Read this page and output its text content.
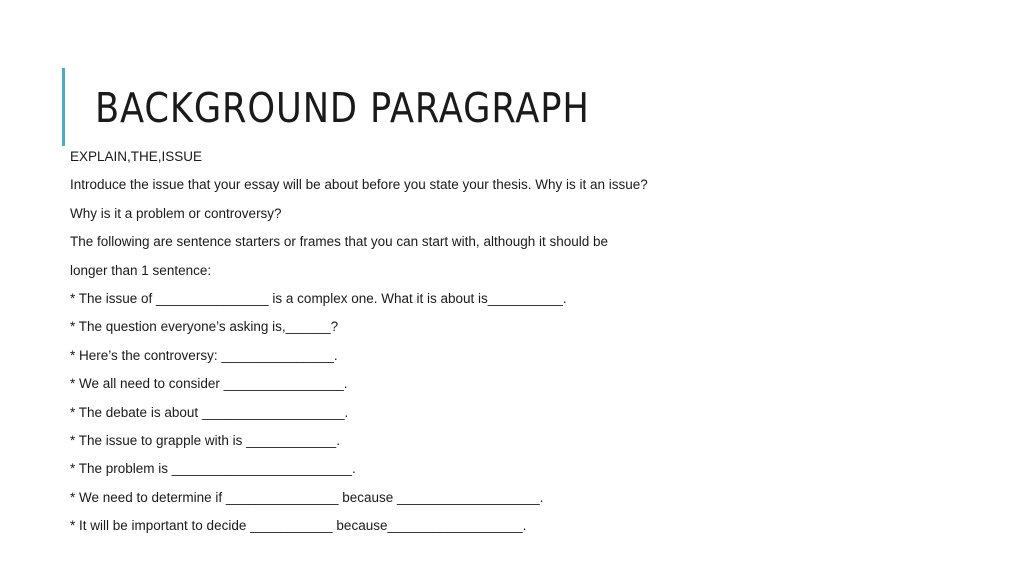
BACKGROUND PARAGRAPH
EXPLAIN,THE,ISSUE
Introduce the issue that your essay will be about before you state your thesis. Why is it an issue?
Why is it a problem or controversy?
The following are sentence starters or frames that you can start with, although it should be
longer than 1 sentence:
* The issue of _______________ is a complex one. What it is about is__________.
* The question everyone’s asking is,______?
* Here’s the controversy: _______________.
* We all need to consider ________________.
* The debate is about ___________________.
* The issue to grapple with is ____________.
* The problem is ________________________.
* We need to determine if _______________ because ___________________.
* It will be important to decide ___________ because__________________.
